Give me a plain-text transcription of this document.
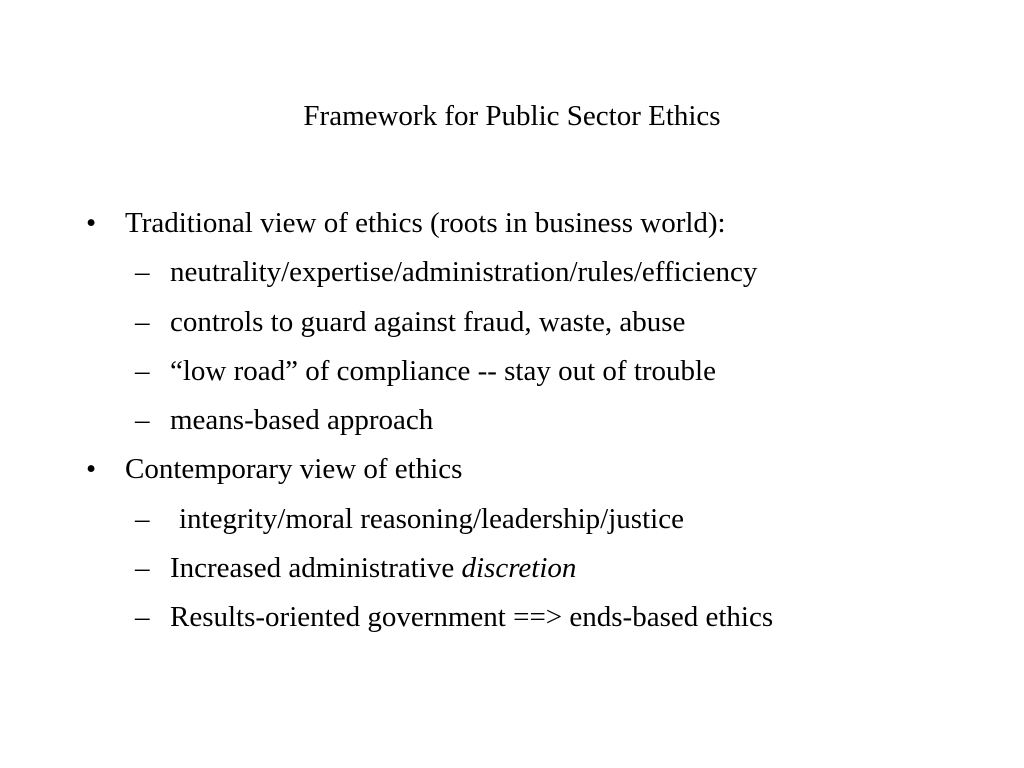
Framework for Public Sector Ethics
• Traditional view of ethics (roots in business world):
– neutrality/expertise/administration/rules/efficiency
– controls to guard against fraud, waste, abuse
– “low road” of compliance -- stay out of trouble
– means-based approach
• Contemporary view of ethics
–	integrity/moral reasoning/leadership/justice
– Increased administrative discretion
– Results-oriented government ==> ends-based ethics
